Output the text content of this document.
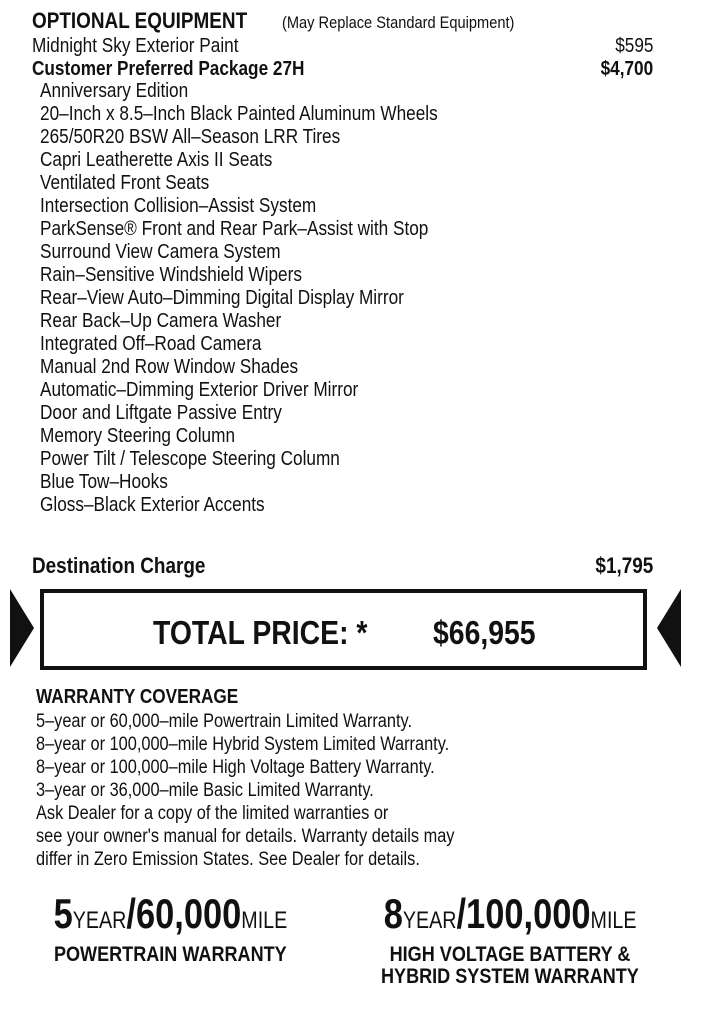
OPTIONAL EQUIPMENT	(May Replace Standard Equipment)
Midnight Sky Exterior Paint	$595
Customer Preferred Package 27H	$4,700
Anniversary Edition
20–Inch x 8.5–Inch Black Painted Aluminum Wheels
265/50R20 BSW All–Season LRR Tires
Capri Leatherette Axis II Seats
Ventilated Front Seats
Intersection Collision–Assist System
ParkSense® Front and Rear Park–Assist with Stop
Surround View Camera System
Rain–Sensitive Windshield Wipers
Rear–View Auto–Dimming Digital Display Mirror
Rear Back–Up Camera Washer
Integrated Off–Road Camera
Manual 2nd Row Window Shades
Automatic–Dimming Exterior Driver Mirror
Door and Liftgate Passive Entry
Memory Steering Column
Power Tilt / Telescope Steering Column
Blue Tow–Hooks
Gloss–Black Exterior Accents
Destination Charge	$1,795
TOTAL PRICE: *	$66,955
WARRANTY COVERAGE
5–year or 60,000–mile Powertrain Limited Warranty.
8–year or 100,000–mile Hybrid System Limited Warranty.
8–year or 100,000–mile High Voltage Battery Warranty.
3–year or 36,000–mile Basic Limited Warranty.
Ask Dealer for a copy of the limited warranties or
see your owner's manual for details. Warranty details may
differ in Zero Emission States. See Dealer for details.
5YEAR/60,000MILE
POWERTRAIN WARRANTY
8YEAR/100,000MILE
HIGH VOLTAGE BATTERY &
HYBRID SYSTEM WARRANTY
